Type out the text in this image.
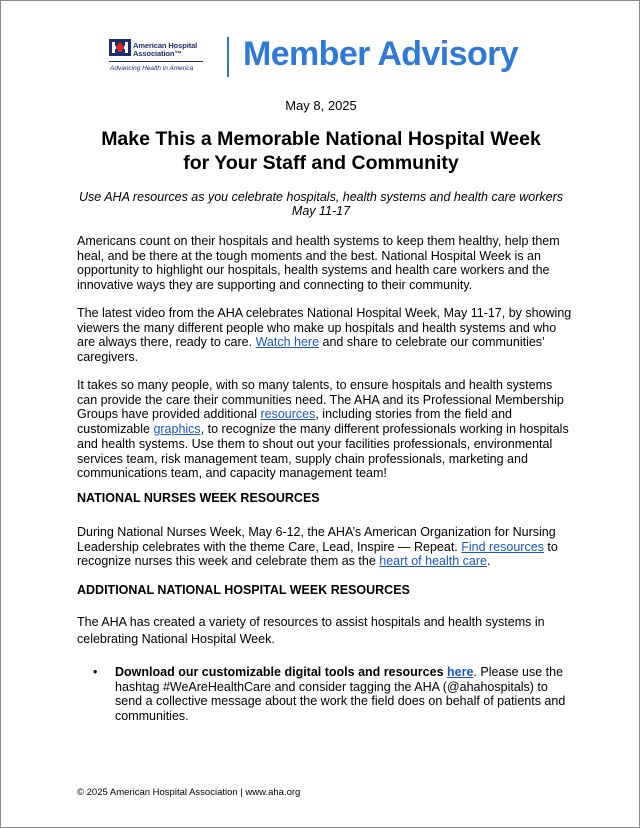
American Hospital
Association™
Advancing Health in America Member Advisory
May 8, 2025
Make This a Memorable National Hospital Week
for Your Staff and Community
Use AHA resources as you celebrate hospitals, health systems and health care workers
May 11-17

Americans count on their hospitals and health systems to keep them healthy, help them heal, and be there at the tough moments and the best. National Hospital Week is an opportunity to highlight our hospitals, health systems and health care workers and the innovative ways they are supporting and connecting to their community.

The latest video from the AHA celebrates National Hospital Week, May 11-17, by showing viewers the many different people who make up hospitals and health systems and who are always there, ready to care. Watch here and share to celebrate our communities’ caregivers.

It takes so many people, with so many talents, to ensure hospitals and health systems can provide the care their communities need. The AHA and its Professional Membership Groups have provided additional resources, including stories from the field and customizable graphics, to recognize the many different professionals working in hospitals and health systems. Use them to shout out your facilities professionals, environmental services team, risk management team, supply chain professionals, marketing and communications team, and capacity management team!

NATIONAL NURSES WEEK RESOURCES

During National Nurses Week, May 6-12, the AHA’s American Organization for Nursing Leadership celebrates with the theme Care, Lead, Inspire — Repeat. Find resources to recognize nurses this week and celebrate them as the heart of health care.

ADDITIONAL NATIONAL HOSPITAL WEEK RESOURCES

The AHA has created a variety of resources to assist hospitals and health systems in celebrating National Hospital Week.

• Download our customizable digital tools and resources here. Please use the hashtag #WeAreHealthCare and consider tagging the AHA (@ahahospitals) to send a collective message about the work the field does on behalf of patients and communities.
© 2025 American Hospital Association | www.aha.org
